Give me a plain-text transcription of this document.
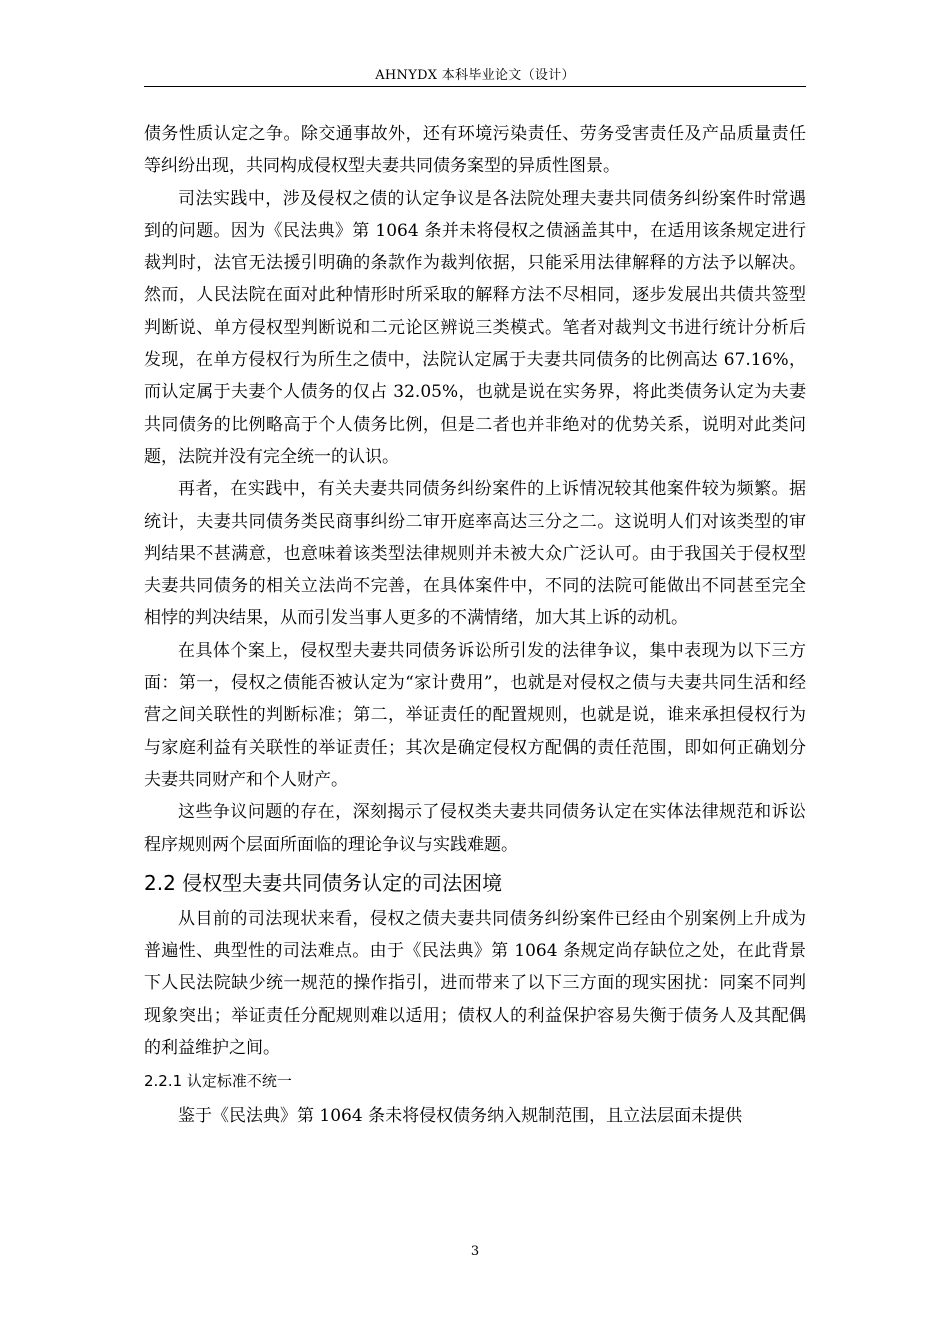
AHNYDX 本科毕业论文（设计）

债务性质认定之争。除交通事故外，还有环境污染责任、劳务受害责任及产品质量责任等纠纷出现，共同构成侵权型夫妻共同债务案型的异质性图景。

司法实践中，涉及侵权之债的认定争议是各法院处理夫妻共同债务纠纷案件时常遇到的问题。因为《民法典》第 1064 条并未将侵权之债涵盖其中，在适用该条规定进行裁判时，法官无法援引明确的条款作为裁判依据，只能采用法律解释的方法予以解决。然而，人民法院在面对此种情形时所采取的解释方法不尽相同，逐步发展出共债共签型判断说、单方侵权型判断说和二元论区辨说三类模式。笔者对裁判文书进行统计分析后发现，在单方侵权行为所生之债中，法院认定属于夫妻共同债务的比例高达 67.16%，而认定属于夫妻个人债务的仅占 32.05%，也就是说在实务界，将此类债务认定为夫妻共同债务的比例略高于个人债务比例，但是二者也并非绝对的优势关系，说明对此类问题，法院并没有完全统一的认识。

再者，在实践中，有关夫妻共同债务纠纷案件的上诉情况较其他案件较为频繁。据统计，夫妻共同债务类民商事纠纷二审开庭率高达三分之二。这说明人们对该类型的审判结果不甚满意，也意味着该类型法律规则并未被大众广泛认可。由于我国关于侵权型夫妻共同债务的相关立法尚不完善，在具体案件中，不同的法院可能做出不同甚至完全相悖的判决结果，从而引发当事人更多的不满情绪，加大其上诉的动机。

在具体个案上，侵权型夫妻共同债务诉讼所引发的法律争议，集中表现为以下三方面：第一，侵权之债能否被认定为“家计费用”，也就是对侵权之债与夫妻共同生活和经营之间关联性的判断标准；第二，举证责任的配置规则，也就是说，谁来承担侵权行为与家庭利益有关联性的举证责任；其次是确定侵权方配偶的责任范围，即如何正确划分夫妻共同财产和个人财产。

这些争议问题的存在，深刻揭示了侵权类夫妻共同债务认定在实体法律规范和诉讼程序规则两个层面所面临的理论争议与实践难题。

2.2 侵权型夫妻共同债务认定的司法困境

从目前的司法现状来看，侵权之债夫妻共同债务纠纷案件已经由个别案例上升成为普遍性、典型性的司法难点。由于《民法典》第 1064 条规定尚存缺位之处，在此背景下人民法院缺少统一规范的操作指引，进而带来了以下三方面的现实困扰：同案不同判现象突出；举证责任分配规则难以适用；债权人的利益保护容易失衡于债务人及其配偶的利益维护之间。

2.2.1 认定标准不统一

鉴于《民法典》第 1064 条未将侵权债务纳入规制范围，且立法层面未提供

3
